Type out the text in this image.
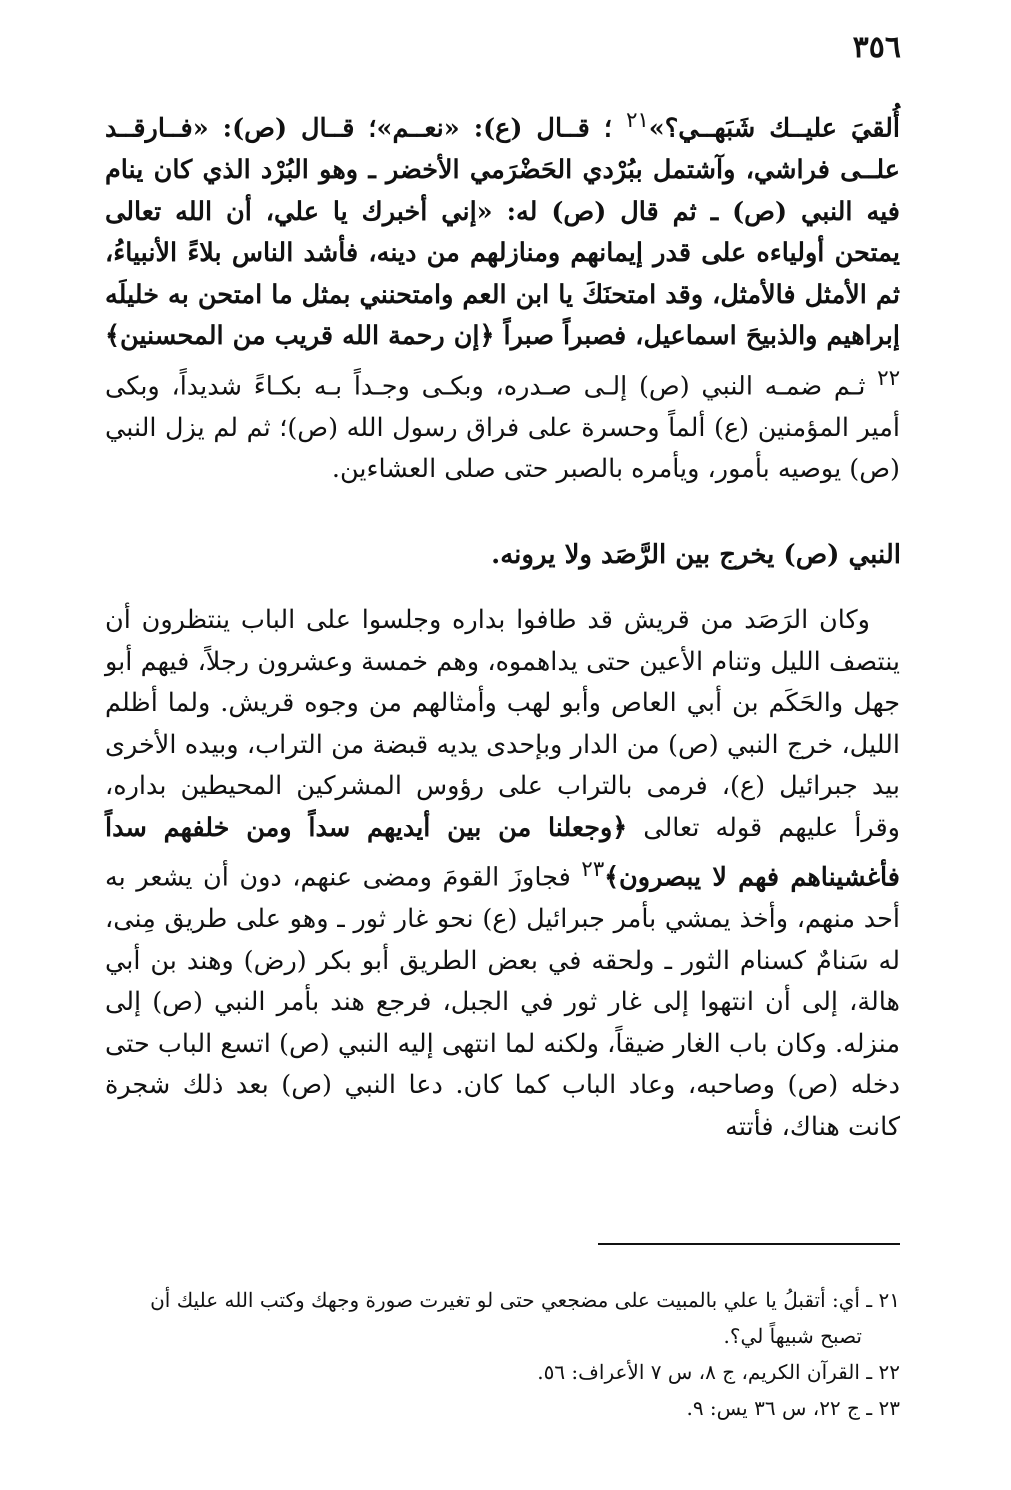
٣٥٦

أُلقيَ عليــك شَبَهــي؟»$^{٢١}$ ؛ قــال (ع): «نعــم»؛ قــال (ص): «فــارقــد علــى فراشي، وآشتمل ببُرْدي الحَضْرَمي الأخضر ـ وهو البُرْد الذي كان ينام فيه النبي (ص) ـ ثم قال (ص) له: «إني أخبرك يا علي، أن الله تعالى يمتحن أولياءه على قدر إيمانهم ومنازلهم من دينه، فأشد الناس بلاءً الأنبياءُ، ثم الأمثل فالأمثل، وقد امتحنَكَ يا ابن العم وامتحنني بمثل ما امتحن به خليلَه إبراهيم والذبيحَ اسماعيل، فصبراً صبراً ﴿إن رحمة الله قريب من المحسنين﴾$^{٢٢}$ ثـم ضمـه النبي (ص) إلـى صـدره، وبكـى وجـداً بـه بكـاءً شديداً، وبكى أمير المؤمنين (ع) ألماً وحسرة على فراق رسول الله (ص)؛ ثم لم يزل النبي (ص) يوصيه بأمور، ويأمره بالصبر حتى صلى العشاءين.

النبي (ص) يخرج بين الرَّصَد ولا يرونه.

وكان الرَصَد من قريش قد طافوا بداره وجلسوا على الباب ينتظرون أن ينتصف الليل وتنام الأعين حتى يداهموه، وهم خمسة وعشرون رجلاً، فيهم أبو جهل والحَكَم بن أبي العاص وأبو لهب وأمثالهم من وجوه قريش. ولما أظلم الليل، خرج النبي (ص) من الدار وبإحدى يديه قبضة من التراب، وبيده الأخرى بيد جبرائيل (ع)، فرمى بالتراب على رؤوس المشركين المحيطين بداره، وقرأ عليهم قوله تعالى ﴿وجعلنا من بين أيديهم سداً ومن خلفهم سداً فأغشيناهم فهم لا يبصرون﴾$^{٢٣}$ فجاوزَ القومَ ومضى عنهم، دون أن يشعر به أحد منهم، وأخذ يمشي بأمر جبرائيل (ع) نحو غار ثور ـ وهو على طريق مِنى، له سَنامٌ كسنام الثور ـ ولحقه في بعض الطريق أبو بكر (رض) وهند بن أبي هالة، إلى أن انتهوا إلى غار ثور في الجبل، فرجع هند بأمر النبي (ص) إلى منزله. وكان باب الغار ضيقاً، ولكنه لما انتهى إليه النبي (ص) اتسع الباب حتى دخله (ص) وصاحبه، وعاد الباب كما كان. دعا النبي (ص) بعد ذلك شجرة كانت هناك، فأتته

٢١ ـ أي: أتقبلُ يا علي بالمبيت على مضجعي حتى لو تغيرت صورة وجهك وكتب الله عليك أن

تصبح شبيهاً لي؟.

٢٢ ـ القرآن الكريم، ج ٨، س ٧ الأعراف: ٥٦.

٢٣ ـ ج ٢٢، س ٣٦ يس: ٩.
